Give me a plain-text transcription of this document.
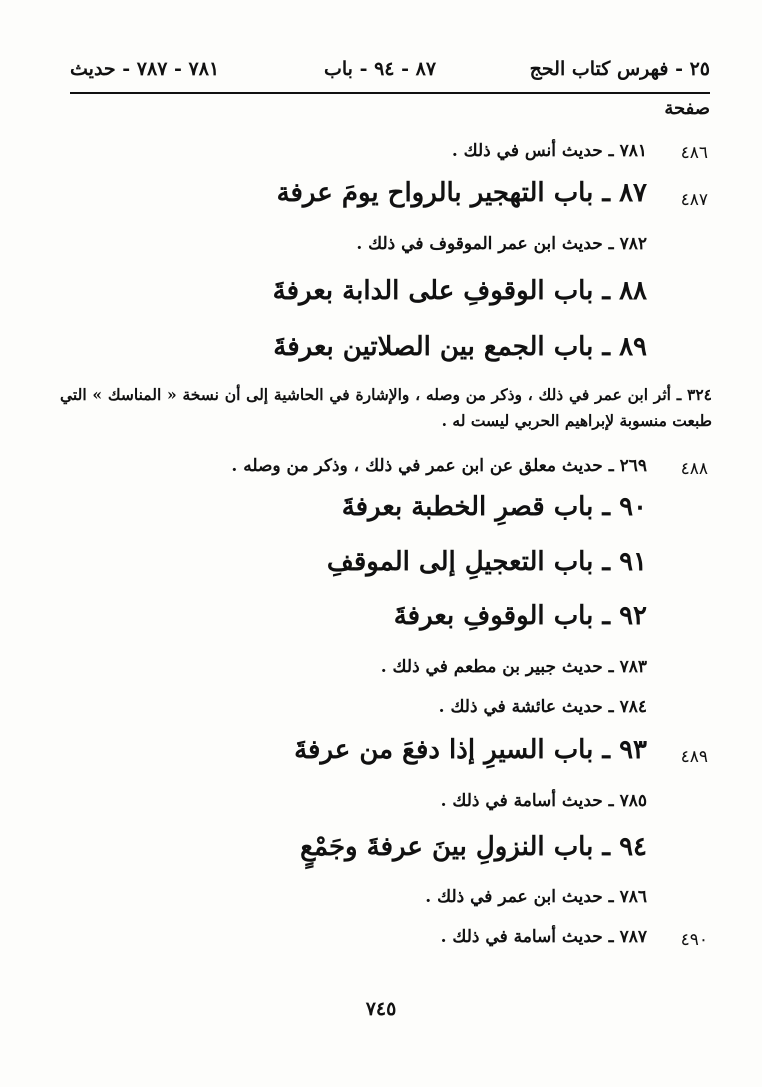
٢٥ - فهرس كتاب الحج
٨٧ - ٩٤ - باب
٧٨١ - ٧٨٧ - حديث
صفحة
٤٨٦
٧٨١ ـ حديث أنس في ذلك .
٤٨٧
٨٧ ـ باب التهجير بالرواح يومَ عرفة
٧٨٢ ـ حديث ابن عمر الموقوف في ذلك .
٨٨ ـ باب الوقوفِ على الدابة بعرفةَ
٨٩ ـ باب الجمع بين الصلاتين بعرفةَ
٣٢٤ ـ أثر ابن عمر في ذلك ، وذكر من وصله ، والإشارة في الحاشية إلى أن نسخة « المناسك » التي طبعت منسوبة لإبراهيم الحربي ليست له .
٤٨٨
٢٦٩ ـ حديث معلق عن ابن عمر في ذلك ، وذكر من وصله .
٩٠ ـ باب قصرِ الخطبة بعرفةَ
٩١ ـ باب التعجيلِ إلى الموقفِ
٩٢ ـ باب الوقوفِ بعرفةَ
٧٨٣ ـ حديث جبير بن مطعم في ذلك .
٧٨٤ ـ حديث عائشة في ذلك .
٤٨٩
٩٣ ـ باب السيرِ إذا دفعَ من عرفةَ
٧٨٥ ـ حديث أسامة في ذلك .
٩٤ ـ باب النزولِ بينَ عرفةَ وجَمْعٍ
٧٨٦ ـ حديث ابن عمر في ذلك .
٤٩٠
٧٨٧ ـ حديث أسامة في ذلك .
٧٤٥
